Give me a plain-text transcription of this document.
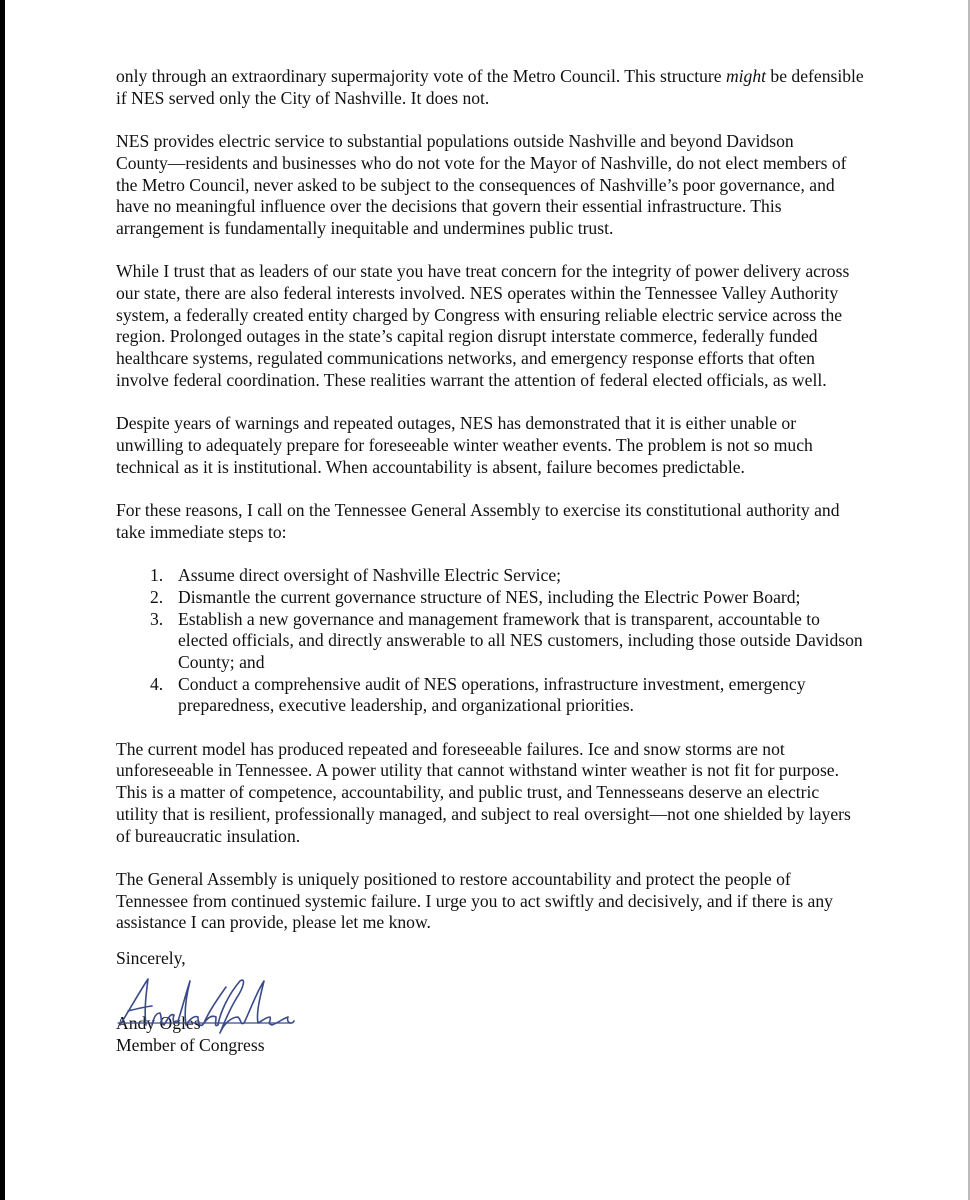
only through an extraordinary supermajority vote of the Metro Council. This structure might be defensible
if NES served only the City of Nashville. It does not.

NES provides electric service to substantial populations outside Nashville and beyond Davidson
County—residents and businesses who do not vote for the Mayor of Nashville, do not elect members of
the Metro Council, never asked to be subject to the consequences of Nashville’s poor governance, and
have no meaningful influence over the decisions that govern their essential infrastructure. This
arrangement is fundamentally inequitable and undermines public trust.

While I trust that as leaders of our state you have treat concern for the integrity of power delivery across
our state, there are also federal interests involved. NES operates within the Tennessee Valley Authority
system, a federally created entity charged by Congress with ensuring reliable electric service across the
region. Prolonged outages in the state’s capital region disrupt interstate commerce, federally funded
healthcare systems, regulated communications networks, and emergency response efforts that often
involve federal coordination. These realities warrant the attention of federal elected officials, as well.

Despite years of warnings and repeated outages, NES has demonstrated that it is either unable or
unwilling to adequately prepare for foreseeable winter weather events. The problem is not so much
technical as it is institutional. When accountability is absent, failure becomes predictable.

For these reasons, I call on the Tennessee General Assembly to exercise its constitutional authority and
take immediate steps to:

1. Assume direct oversight of Nashville Electric Service;
2. Dismantle the current governance structure of NES, including the Electric Power Board;
3. Establish a new governance and management framework that is transparent, accountable to
elected officials, and directly answerable to all NES customers, including those outside Davidson
County; and
4. Conduct a comprehensive audit of NES operations, infrastructure investment, emergency
preparedness, executive leadership, and organizational priorities.

The current model has produced repeated and foreseeable failures. Ice and snow storms are not
unforeseeable in Tennessee. A power utility that cannot withstand winter weather is not fit for purpose.
This is a matter of competence, accountability, and public trust, and Tennesseans deserve an electric
utility that is resilient, professionally managed, and subject to real oversight—not one shielded by layers
of bureaucratic insulation.

The General Assembly is uniquely positioned to restore accountability and protect the people of
Tennessee from continued systemic failure. I urge you to act swiftly and decisively, and if there is any
assistance I can provide, please let me know.

Sincerely,
Andy Ogles
Member of Congress
